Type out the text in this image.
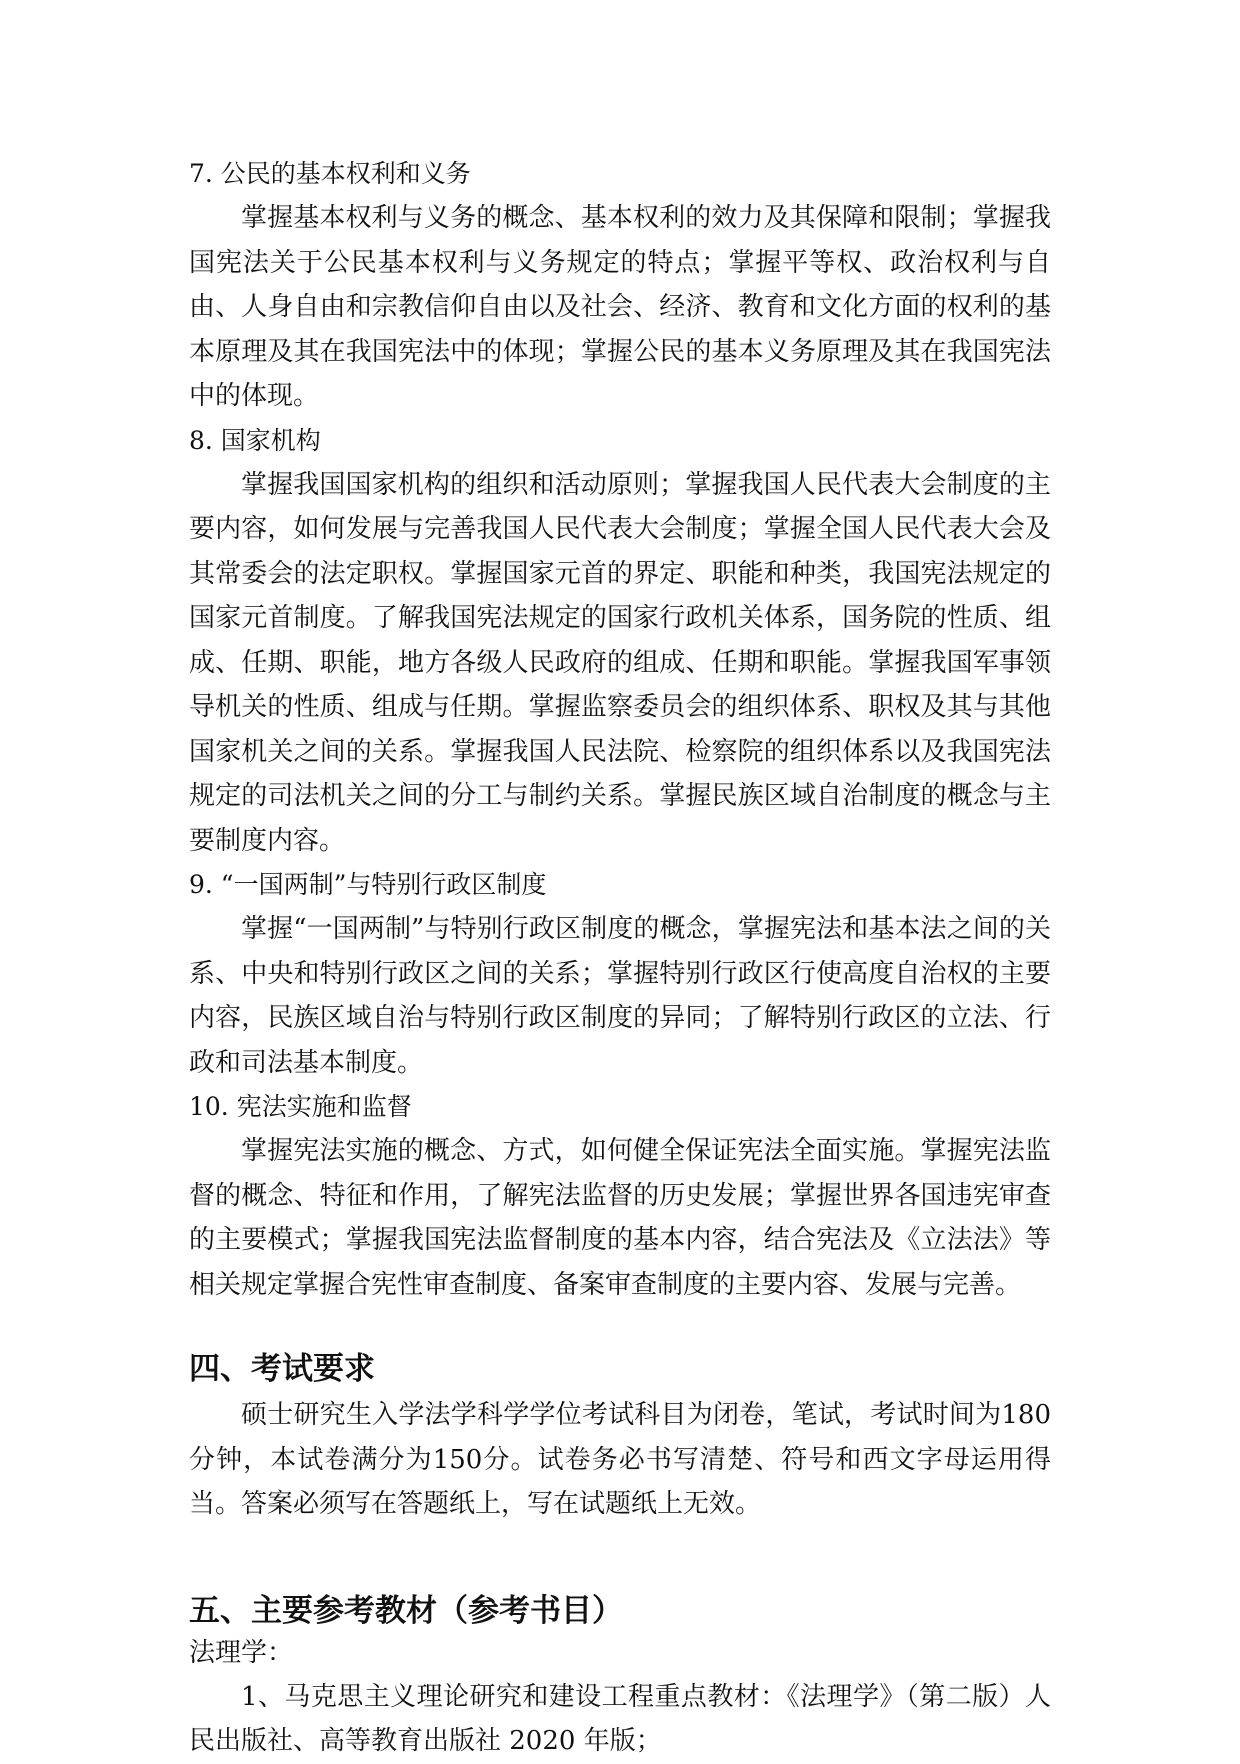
7. 公民的基本权利和义务

掌握基本权利与义务的概念、基本权利的效力及其保障和限制；掌握我国宪法关于公民基本权利与义务规定的特点；掌握平等权、政治权利与自由、人身自由和宗教信仰自由以及社会、经济、教育和文化方面的权利的基本原理及其在我国宪法中的体现；掌握公民的基本义务原理及其在我国宪法中的体现。

8. 国家机构

掌握我国国家机构的组织和活动原则；掌握我国人民代表大会制度的主要内容，如何发展与完善我国人民代表大会制度；掌握全国人民代表大会及其常委会的法定职权。掌握国家元首的界定、职能和种类，我国宪法规定的国家元首制度。了解我国宪法规定的国家行政机关体系，国务院的性质、组成、任期、职能，地方各级人民政府的组成、任期和职能。掌握我国军事领导机关的性质、组成与任期。掌握监察委员会的组织体系、职权及其与其他国家机关之间的关系。掌握我国人民法院、检察院的组织体系以及我国宪法规定的司法机关之间的分工与制约关系。掌握民族区域自治制度的概念与主要制度内容。

9. “一国两制”与特别行政区制度

掌握“一国两制”与特别行政区制度的概念，掌握宪法和基本法之间的关系、中央和特别行政区之间的关系；掌握特别行政区行使高度自治权的主要内容，民族区域自治与特别行政区制度的异同；了解特别行政区的立法、行政和司法基本制度。

10. 宪法实施和监督

掌握宪法实施的概念、方式，如何健全保证宪法全面实施。掌握宪法监督的概念、特征和作用，了解宪法监督的历史发展；掌握世界各国违宪审查的主要模式；掌握我国宪法监督制度的基本内容，结合宪法及《立法法》等相关规定掌握合宪性审查制度、备案审查制度的主要内容、发展与完善。

四、考试要求

硕士研究生入学法学科学学位考试科目为闭卷，笔试，考试时间为180分钟，本试卷满分为150分。试卷务必书写清楚、符号和西文字母运用得当。答案必须写在答题纸上，写在试题纸上无效。

五、主要参考教材（参考书目）

法理学：

1、马克思主义理论研究和建设工程重点教材：《法理学》（第二版）人民出版社、高等教育出版社 2020 年版；
